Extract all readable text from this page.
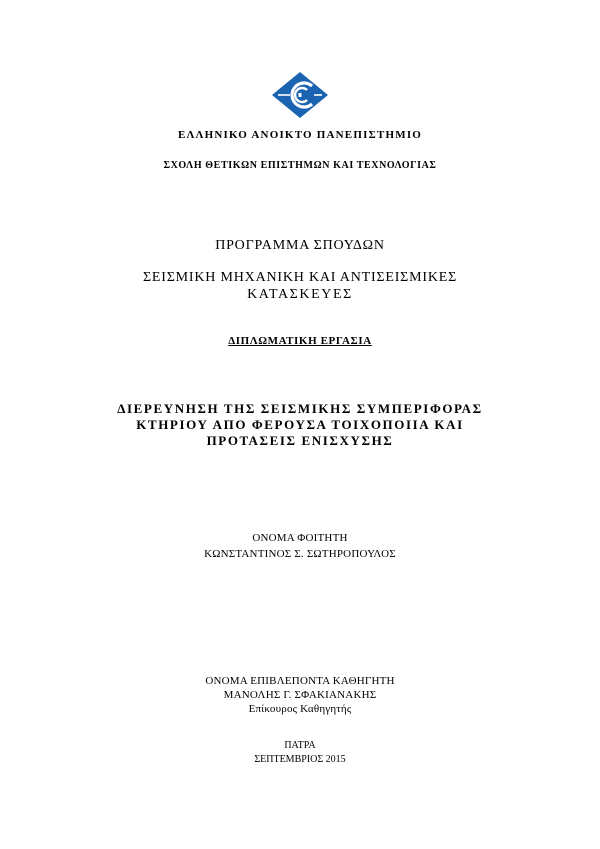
ΕΛΛΗΝΙΚΟ ΑΝΟΙΚΤΟ ΠΑΝΕΠΙΣΤΗΜΙΟ
ΣΧΟΛΗ ΘΕΤΙΚΩΝ ΕΠΙΣΤΗΜΩΝ ΚΑΙ ΤΕΧΝΟΛΟΓΙΑΣ
ΠΡΟΓΡΑΜΜΑ ΣΠΟΥΔΩΝ
ΣΕΙΣΜΙΚΗ ΜΗΧΑΝΙΚΗ ΚΑΙ ΑΝΤΙΣΕΙΣΜΙΚΕΣ
ΚΑΤΑΣΚΕΥΕΣ
ΔΙΠΛΩΜΑΤΙΚΗ ΕΡΓΑΣΙΑ
ΔΙΕΡΕΥΝΗΣΗ ΤΗΣ ΣΕΙΣΜΙΚΗΣ ΣΥΜΠΕΡΙΦΟΡΑΣ
ΚΤΗΡΙΟΥ ΑΠΟ ΦΕΡΟΥΣΑ ΤΟΙΧΟΠΟΙΙΑ ΚΑΙ
ΠΡΟΤΑΣΕΙΣ ΕΝΙΣΧΥΣΗΣ
ΟΝΟΜΑ ΦΟΙΤΗΤΗ
ΚΩΝΣΤΑΝΤΙΝΟΣ Σ. ΣΩΤΗΡΟΠΟΥΛΟΣ
ΟΝΟΜΑ ΕΠΙΒΛΕΠΟΝΤΑ ΚΑΘΗΓΗΤΗ
ΜΑΝΟΛΗΣ Γ. ΣΦΑΚΙΑΝΑΚΗΣ
Επίκουρος Καθηγητής
ΠΑΤΡΑ
ΣΕΠΤΕΜΒΡΙΟΣ 2015
